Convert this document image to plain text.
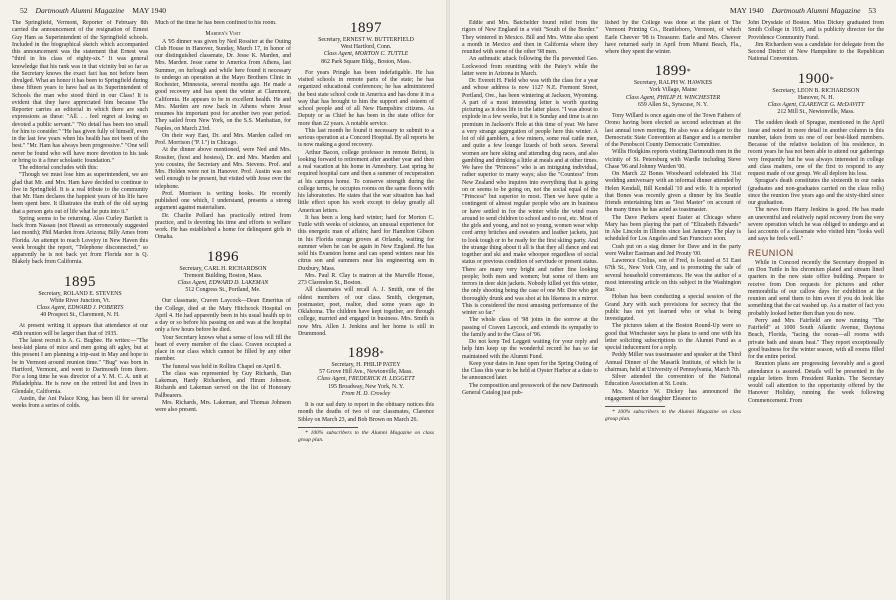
52 Dartmouth Alumni Magazine MAY 1940

The Springfield, Vermont, Reporter of February 8th carried the announcement of the resignation of Ernest Guy Ham as Superintendent of the Springfield schools. Included in the biographical sketch which accompanied this announcement was the statement that Ernest was "third in his class of eighty-six." It was general knowledge that his rank was in that vicinity but so far as the Secretary knows the exact fact has not before been divulged. What an honor it has been to Springfield during these fifteen years to have had as its Superintendent of Schools the man who stood third in our Class! It is evident that they have appreciated him because The Reporter carries an editorial in which there are such expressions as these: "All. . . feel regret at losing so devoted a public servant." "No detail has been too small for him to consider." "He has given fully of himself, even in the last few years when his health has not been of the best." "Mr. Ham has always been progressive." "One will never be found who will have more devotion to his task or bring to it a finer scholastic foundation."

The editorial concludes with this:

"Though we must lose him as superintendent, we are glad that Mr. and Mrs. Ham have decided to continue to live in Springfield. It is a real tribute to the community that Mr. Ham declares the happiest years of his life have been spent here. It illustrates the truth of the old saying that a person gets out of life what he puts into it."

Spring seems to be returning. Also Curley Bartlett is back from Nassau (not Hawaii as erroneously suggested last month); Phil Marden from Arizona; Billy Ames from Florida. An attempt to reach Lovejoy in New Haven this week brought the report, "Telephone disconnected," so apparently he is not back yet from Florida nor is Q. Blakely back from California.

1895
Secretary, ROLAND E. STEVENS
White River Junction, Vt.
Class Agent, EDWARD J. POBERTS
40 Prospect St., Claremont, N. H.

At present writing it appears that attendance at our 45th reunion will be larger than that of 1935.

The latest recruit is A. G. Bugbee. He writes:—"The best-laid plans of mice and men going aft agley, but at this present I am planning a trip-east in May and hope to be in Vermont around reunion time." "Bug" was born in Hartford, Vermont, and went to Dartmouth from there. For a long time he was director of a Y. M. C. A. unit at Philadelphia. He is now on the retired list and lives in Glendale, California.

Austin, the Ant Palace King, has been ill for several weeks from a series of colds.

Much of the time he has been confined to his room.

Marden's Visit

A '95 dinner was given by Ned Rossiter at the Outing Club House in Hanover, Sunday, March 17, in honor of our distinguished classmate, Dr. Jesse K. Marden, and Mrs. Marden. Jesse came to America from Athens, last Summer, on furlough and while here found it necessary to undergo an operation at the Mayo Brothers Clinic in Rochester, Minnesota, several months ago. He made a good recovery and has spent the winter at Claremont, California. He appears to be in excellent health. He and Mrs. Marden are now back in Athens where Jesse resumes his important post for another two year period. They sailed from New York, on the S.S. Manhattan, for Naples, on March 23rd.

On their way East, Dr. and Mrs. Marden called on Prof. Morrison ("P. I.") in Chicago.

At the dinner above mentioned, were Ned and Mrs. Rossiter, (host and hostess), Dr. and Mrs. Marden and you cousins, the Secretary and Mrs. Stevens. Prof. and Mrs. Holden were not in Hanover. Prof. Austin was not well enough to be present, but visited with Jesse over the telephone.

Prof. Morrison is writing books. He recently published one which, I understand, presents a strong argument against materialism.

Dr. Charlie Pollard has practically retired from practice, and is devoting his time and efforts to welfare work. He has established a home for delinquent girls in Omaha.

1896
Secretary, CARL H. RICHARDSON
Tremont Building, Boston, Mass.
Class Agent, EDWARD D. LAKEMAN
512 Congress St., Portland, Me.

Our classmate, Craven Laycock—Dean Emeritus of the College, died at the Mary Hitchcock Hospital on April 4. He had apparently been in his usual health up to a day or so before his passing on and was at the hospital only a few hours before he died.

Your Secretary knows what a sense of loss will fill the heart of every member of the class. Craven occupied a place in our class which cannot be filled by any other member.

The funeral was held in Rollins Chapel on April 8.

The class was represented by Guy Richards, Dan Lakeman, Hardy Richardson, and Hiram Johnson. Richards and Lakeman served on the list of Honorary Pallbearers.

Mrs. Richards, Mrs. Lakeman, and Thomas Johnson were also present.

1897
Secretary, ERNEST W. BUTTERFIELD
West Hartford, Conn.
Class Agent, MORTON C. TUTTLE
862 Park Square Bldg., Boston, Mass.

For years Pringle has been indefatigable. He has visited schools in remote parts of the state; he has organized educational conferences; he has administered the best state school code in America and has done it in a way that has brought to him the support and esteem of school people and of all New Hampshire citizens. As Deputy or as Chief he has been in the state office for more than 22 years. A notable service.

This last month he found it necessary to submit to a serious operation at a Concord Hospital. By all reports he is now making a good recovery.

Arthur Bacon, college professor in remote Beirut, is looking forward to retirement after another year and then a real vacation at his home in Amesbury. Last spring he required hospital care and then a summer of recuperation at his campus home. To conserve strength during the college terms, he occupies rooms on the same floors with his laboratories. He states that the war situation has had little effect upon his work except to delay greatly all American letters.

It has been a long hard winter; hard for Morton C. Tuttle with weeks of sickness, an unusual experience for this energetic man of affairs; hard for Hamilton Gibson in his Florida orange groves at Orlando, waiting for summer when he can be again in New England. He has sold his Evanston home and can spend winters near his citrus son and summers near his engineering son in Duxbury, Mass.

Mrs. Paul R. Clay is matron at the Marville House, 273 Clarendon St., Boston.

All classmates will recall A. J. Smith, one of the oldest members of our class. Smith, clergyman, postmaster, poet, realtor, died some years ago in Oklahoma. The children have kept together, are through college, married and engaged in business. Mrs. Smith is now Mrs. Allen J. Jenkins and her home is still in Drummond.

1898*
Secretary, H. PHILIP PATEY
57 Grove Hill Ave., Newtonville, Mass.
Class Agent, FREDERICK H. LEGGETT
195 Broadway, New York, N. Y.
From H. D. Crowley

It is our sad duty to report in the obituary notices this month the deaths of two of our classmates, Clarence Sibley on March 23, and Bob Brown on March 26.

* 100% subscribers to the Alumni Magazine on class group plan.

MAY 1940 Dartmouth Alumni Magazine 53

Eddie and Mrs. Batchelder found relief from the rigors of New England in a visit "South of the Border." They wintered in Mexico. Bill and Mrs. Witte also spent a month in Mexico and then in California where they reunited with some of the other '98 men.

An asthmatic attack following the flu prevented Geo. Lockwood from reuniting with the Patey's while the latter were in Arizona in March.

Dr. Everett H. Field who was with the class for a year and whose address is now 1127 N.E. Fremont Street, Portland, Ore., has been wintering at Jackson, Wyoming. A part of a most interesting letter is worth quoting picturing as it does life in the latter place. "I was about to explode in a few weeks, but it is Sunday and time is at no premium in Jackson's Hole at this time of year. We have a very strange aggregation of people here this winter. A lot of old gamblers, a few miners, some real cattle men, and quite a few lounge lizards of both sexes. Several women are here skiing and attending dog races, and also gambling and drinking a little at meals and at other times. We have the "Princess" who is an intriguing individual, rather superior to many ways; also the "Countess" from New Zealand who inquires into everything that is going on or seems to be going on, not the social equal of the "Princess" but superior to most. Then we have quite a contingent of almost regular people who are in business or have settled in for the winter while the wind roars around to send children to school and to rest, etc. Most of the girls and young, and not so young, women wear whip cord army britches and sweaters and leather jackets, just to look tough or to be ready for the first skiing party. And the strange thing about it all is that they all dance and eat together and ski and make whoopee regardless of social status or previous condition of servitude or present status. There are many very bright and rather fine looking people; both men and women; but some of them are terrors in deer skin jackets. Nobody killed yet this winter, the only shooting being the case of one Mr. Doe who got thoroughly drunk and was shot at his likeness in a mirror. This is considered the most amusing performance of the winter so far."

The whole class of '98 joins in the sorrow at the passing of Craven Laycock, and extends its sympathy to the family and to the Class of '96.

Do not keep Ted Leggett waiting for your reply and help him keep up the wonderful record he has so far maintained with the Alumni Fund.

Keep your dates in June open for the Spring Outing of the Class this year to be held at Oyster Harbor at a date to be announced later.

The composition and presswork of the new Dartmouth General Catalog just pub-

lished by the College was done at the plant of The Vermont Printing Co., Brattleboro, Vermont, of which Earle Cheever '98 is Treasurer. Earle and Mrs. Cheever have returned early in April from Miami Beach, Fla., where they spent the winter.

1899*
Secretary, RALPH W. HAWKES
York Village, Maine
Class Agent, PHILIP H. WINCHESTER
659 Allen St., Syracuse, N. Y.

Tony Willard is once again one of the Town Fathers of Orono having been elected as second selectman at the last annual town meeting. He also was a delegate to the Democratic State Convention at Bangor and is a member of the Penobscot County Democratic Committee.

Willis Hodgkins reports visiting Dartmouth men in the vicinity of St. Petersburg with Wardle including Steve Chase '96 and Johnny Warden '00.

On March 22 Bones Woodward celebrated his 31st wedding anniversary with an informal dinner attended by Helen Kendall, Bill Kendall '10 and wife. It is reported that Bones was recently given a dinner by his Seattle friends entertaining him as "Jest Master" on account of the many times he has acted as toastmaster.

The Dave Parkers spent Easter at Chicago where Mary has been playing the part of "Elizabeth Edwards" in Abe Lincoln in Illinois since last January. The play is scheduled for Los Angeles and San Francisco soon.

Cush put on a stag dinner for Dave and in the party were Walter Eastman and Jed Prouty '00.

Lawrence Crolius, son of Fred, is located at 51 East 67th St., New York City, and is promoting the sale of several household conveniences. He was the author of a most interesting article on this subject in the Washington Star.

Hoban has been conducting a special session of the Grand Jury with such provisions for secrecy that the public has not yet learned who or what is being investigated.

The pictures taken at the Boston Round-Up were so good that Winchester says he plans to send one with his letter soliciting subscriptions to the Alumni Fund as a special inducement for a reply.

Peddy Miller was toastmaster and speaker at the Third Annual Dinner of the Masarik Institute, of which he is chairman, held at University of Pennsylvania, March 7th.

Silver attended the convention of the National Education Association at St. Louis.

Mrs. Maurice W. Dickey has announced the engagement of her daughter Eleanor to

* 100% subscribers to the Alumni Magazine on class group plan.

John Drysdale of Boston. Miss Dickey graduated from Smith College in 1935, and is publicity director for the Providence Community Fund.

Jim Richardson was a candidate for delegate from the Second District of New Hampshire to the Republican National Convention.

1900*
Secretary, LEON B. RICHARDSON
Hanover, N. H.
Class Agent, CLARENCE G. McDAVITT
212 Mill St., Newtonville, Mass.

The sudden death of Sprague, mentioned in the April issue and noted in more detail in another column in this number, takes from us one of our best-liked members. Because of the relative isolation of his residence, in recent years he has not been able to attend our gatherings very frequently but he was always interested in college and class matters, one of the first to respond to any request made of our group. We all deplore his loss.

Sprague's death constitutes the sixteenth in our ranks (graduates and non-graduates carried on the class rolls) since the reunion five years ago and the sixty-third since our graduation.

The news from Harry Jenkins is good. He has made an uneventful and relatively rapid recovery from the very severe operation which he was obliged to undergo and at last accounts of a classmate who visited him "looks well and says he feels well."

REUNION

While in Concord recently the Secretary dropped in on Don Tuttle in his chromium plated and stream lined quarters in the new state office building. Prepare to receive from Don requests for pictures and other memorabilia of our callow days for exhibition at the reunion and send them to him even if you do look like something that the cat washed up. As a matter of fact you probably looked better then than you do now.

Perry and Mrs. Fairfield are now running "The Fairfield" at 1000 South Atlantic Avenue, Daytona Beach, Florida, "facing the ocean—all rooms with private bath and steam heat." They report exceptionally good business for the winter season, with all rooms filled for the entire period.

Reunion plans are progressing favorably and a good attendance is assured. Details will be presented in the regular letters from President Rankin. The Secretary would call attention to the opportunity offered by the Hanover Holiday, running the week following Commencement. From
